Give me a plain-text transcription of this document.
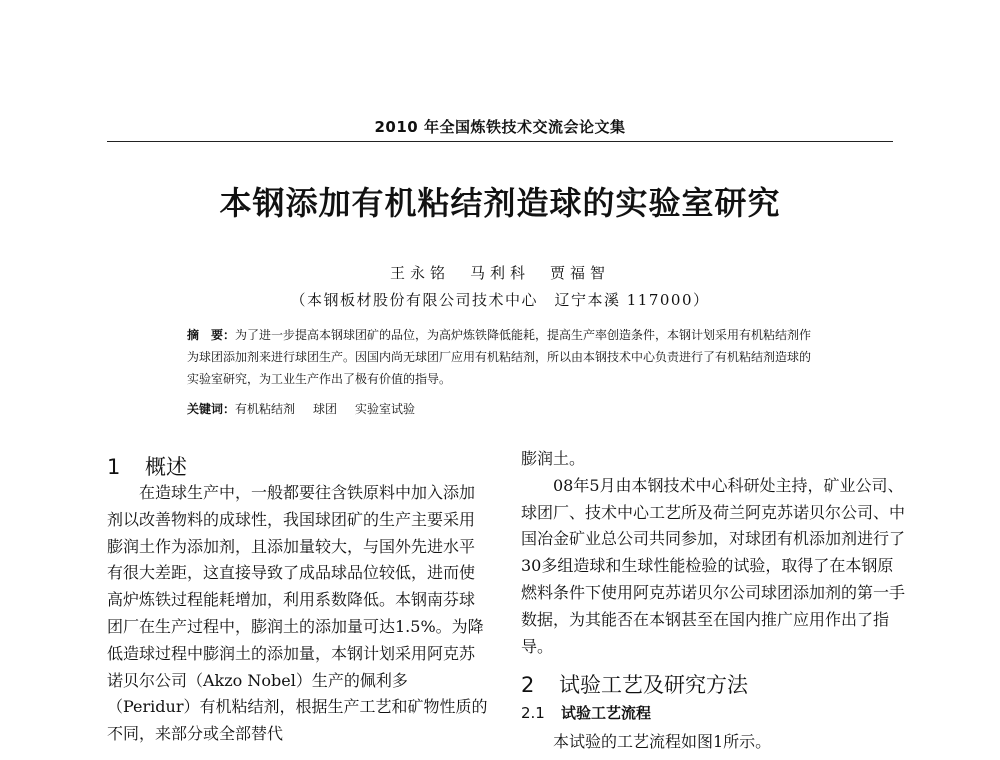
2010 年全国炼铁技术交流会论文集
本钢添加有机粘结剂造球的实验室研究
王永铭　马利科　贾福智
（本钢板材股份有限公司技术中心　辽宁本溪 117000）
摘　要：为了进一步提高本钢球团矿的品位，为高炉炼铁降低能耗，提高生产率创造条件，本钢计划采用有机粘结剂作为球团添加剂来进行球团生产。因国内尚无球团厂应用有机粘结剂，所以由本钢技术中心负责进行了有机粘结剂造球的实验室研究，为工业生产作出了极有价值的指导。
关键词：有机粘结剂 球团 实验室试验
1 概述

在造球生产中，一般都要往含铁原料中加入添加剂以改善物料的成球性，我国球团矿的生产主要采用膨润土作为添加剂，且添加量较大，与国外先进水平有很大差距，这直接导致了成品球品位较低，进而使高炉炼铁过程能耗增加，利用系数降低。本钢南芬球团厂在生产过程中，膨润土的添加量可达1.5%。为降低造球过程中膨润土的添加量，本钢计划采用阿克苏诺贝尔公司（Akzo Nobel）生产的佩利多（Peridur）有机粘结剂，根据生产工艺和矿物性质的不同，来部分或全部替代

膨润土。

08年5月由本钢技术中心科研处主持，矿业公司、球团厂、技术中心工艺所及荷兰阿克苏诺贝尔公司、中国冶金矿业总公司共同参加，对球团有机添加剂进行了30多组造球和生球性能检验的试验，取得了在本钢原燃料条件下使用阿克苏诺贝尔公司球团添加剂的第一手数据，为其能否在本钢甚至在国内推广应用作出了指导。

2 试验工艺及研究方法
2.1 试验工艺流程

本试验的工艺流程如图1所示。
